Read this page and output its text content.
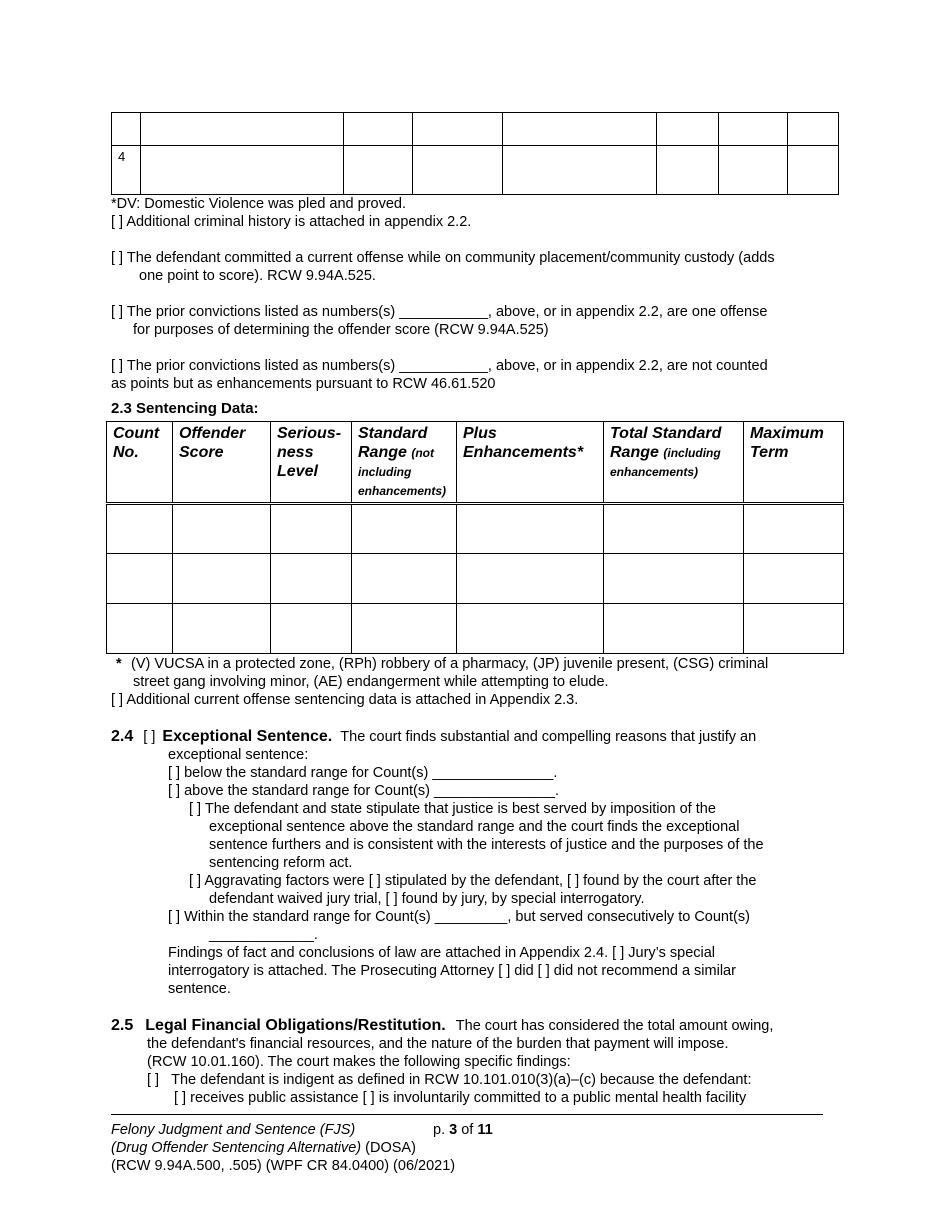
4							
*DV: Domestic Violence was pled and proved.
[ ] Additional criminal history is attached in appendix 2.2.
[ ] The defendant committed a current offense while on community placement/community custody (adds
one point to score). RCW 9.94A.525.
[ ] The prior convictions listed as numbers(s) ___________, above, or in appendix 2.2, are one offense
for purposes of determining the offender score (RCW 9.94A.525)
[ ] The prior convictions listed as numbers(s) ___________, above, or in appendix 2.2, are not counted
as points but as enhancements pursuant to RCW 46.61.520
2.3 Sentencing Data:
Count No.	Offender Score	Serious-ness Level	Standard Range (not including enhancements)	Plus Enhancements*	Total Standard Range (including enhancements)	Maximum Term

* (V) VUCSA in a protected zone, (RPh) robbery of a pharmacy, (JP) juvenile present, (CSG) criminal
street gang involving minor, (AE) endangerment while attempting to elude.
[ ] Additional current offense sentencing data is attached in Appendix 2.3.
2.4 [ ] Exceptional Sentence. The court finds substantial and compelling reasons that justify an
exceptional sentence:
[ ] below the standard range for Count(s) _______________.
[ ] above the standard range for Count(s) _______________.
[ ] The defendant and state stipulate that justice is best served by imposition of the
exceptional sentence above the standard range and the court finds the exceptional
sentence furthers and is consistent with the interests of justice and the purposes of the
sentencing reform act.
[ ] Aggravating factors were [ ] stipulated by the defendant, [ ] found by the court after the
defendant waived jury trial, [ ] found by jury, by special interrogatory.
[ ] Within the standard range for Count(s) _________, but served consecutively to Count(s)
_____________.
Findings of fact and conclusions of law are attached in Appendix 2.4. [ ] Jury’s special
interrogatory is attached. The Prosecuting Attorney [ ] did [ ] did not recommend a similar
sentence.
2.5 Legal Financial Obligations/Restitution. The court has considered the total amount owing,
the defendant's financial resources, and the nature of the burden that payment will impose.
(RCW 10.01.160). The court makes the following specific findings:
[ ] The defendant is indigent as defined in RCW 10.101.010(3)(a)–(c) because the defendant:
[ ] receives public assistance [ ] is involuntarily committed to a public mental health facility
Felony Judgment and Sentence (FJS)	p. 3 of 11
(Drug Offender Sentencing Alternative) (DOSA)
(RCW 9.94A.500, .505) (WPF CR 84.0400) (06/2021)
